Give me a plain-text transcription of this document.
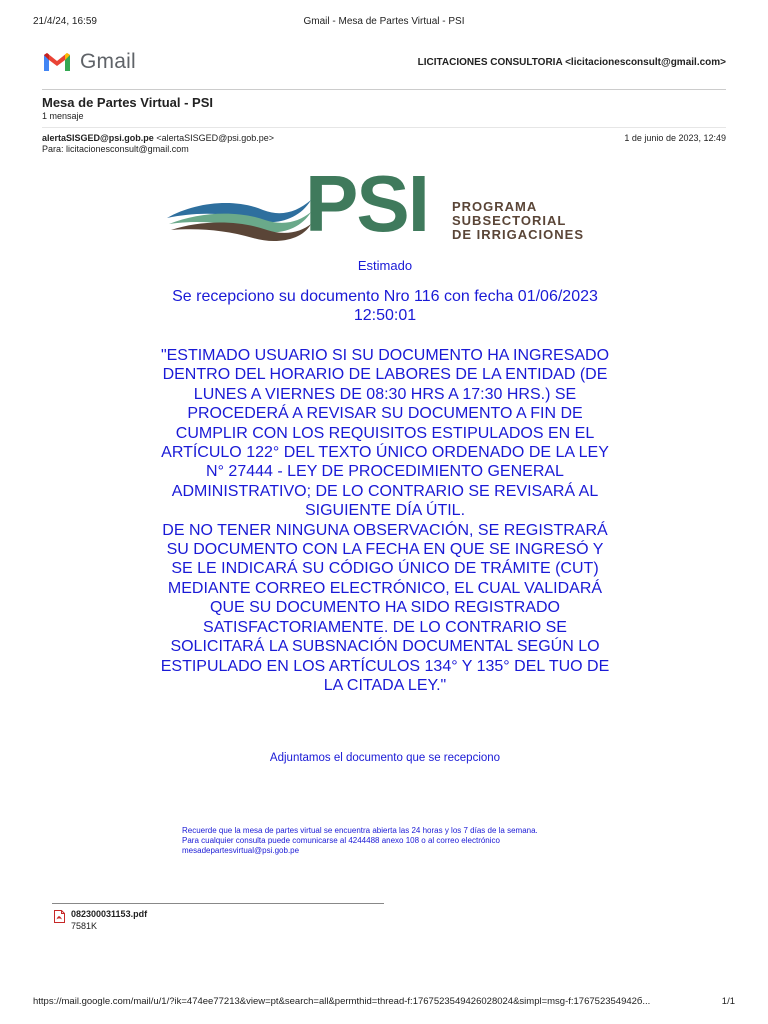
21/4/24, 16:59	Gmail - Mesa de Partes Virtual - PSI
Gmail	LICITACIONES CONSULTORIA <licitacionesconsult@gmail.com>
Mesa de Partes Virtual - PSI
1 mensaje
alertaSISGED@psi.gob.pe <alertaSISGED@psi.gob.pe>
Para: licitacionesconsult@gmail.com
1 de junio de 2023, 12:49
PSI PROGRAMA
SUBSECTORIAL
DE IRRIGACIONES
Estimado
Se recepciono su documento Nro 116 con fecha 01/06/2023 12:50:01
"ESTIMADO USUARIO SI SU DOCUMENTO HA INGRESADO DENTRO DEL HORARIO DE LABORES DE LA ENTIDAD (DE LUNES A VIERNES DE 08:30 HRS A 17:30 HRS.) SE PROCEDERÁ A REVISAR SU DOCUMENTO A FIN DE CUMPLIR CON LOS REQUISITOS ESTIPULADOS EN EL ARTÍCULO 122° DEL TEXTO ÚNICO ORDENADO DE LA LEY N° 27444 - LEY DE PROCEDIMIENTO GENERAL ADMINISTRATIVO; DE LO CONTRARIO SE REVISARÁ AL SIGUIENTE DÍA ÚTIL.
DE NO TENER NINGUNA OBSERVACIÓN, SE REGISTRARÁ SU DOCUMENTO CON LA FECHA EN QUE SE INGRESÓ Y SE LE INDICARÁ SU CÓDIGO ÚNICO DE TRÁMITE (CUT) MEDIANTE CORREO ELECTRÓNICO, EL CUAL VALIDARÁ QUE SU DOCUMENTO HA SIDO REGISTRADO SATISFACTORIAMENTE. DE LO CONTRARIO SE SOLICITARÁ LA SUBSNACIÓN DOCUMENTAL SEGÚN LO ESTIPULADO EN LOS ARTÍCULOS 134° Y 135° DEL TUO DE LA CITADA LEY."
Adjuntamos el documento que se recepciono
Recuerde que la mesa de partes virtual se encuentra abierta las 24 horas y los 7 días de la semana.
Para cualquier consulta puede comunicarse al 4244488 anexo 108 o al correo electrónico
mesadepartesvirtual@psi.gob.pe
082300031153.pdf
7581K
https://mail.google.com/mail/u/1/?ik=474ee77213&view=pt&search=all&permthid=thread-f:1767523549426028024&simpl=msg-f:176752354942б...	1/1
